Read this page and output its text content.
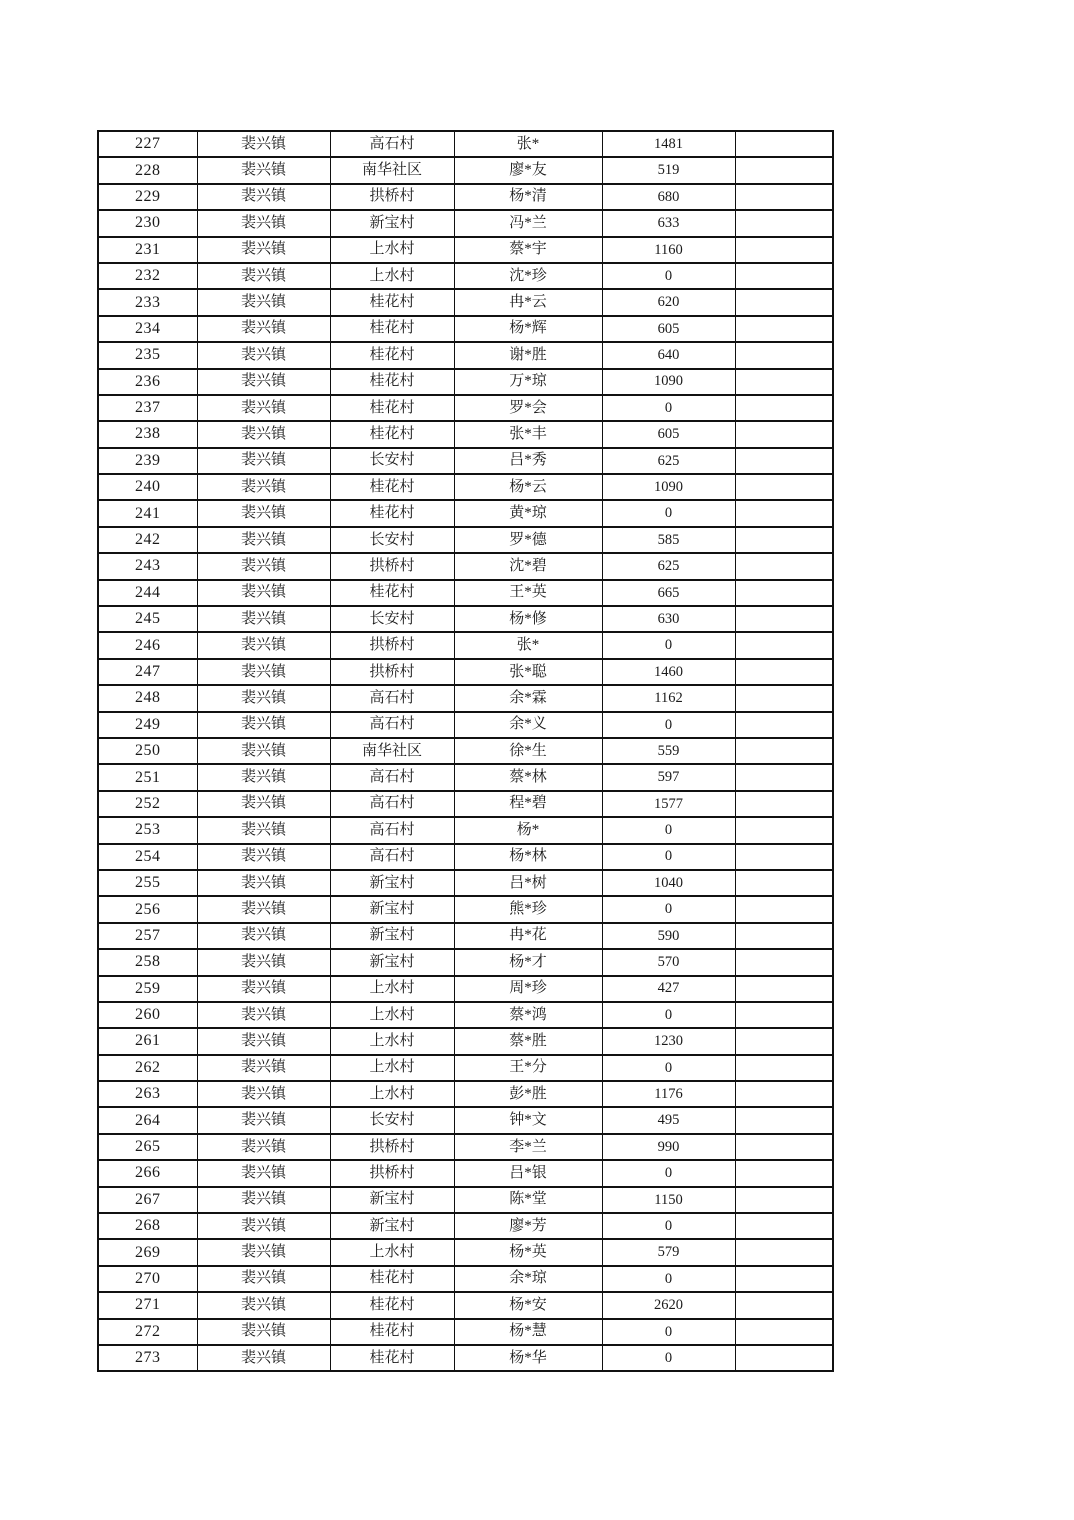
227	裴兴镇	高石村	张*	1481	
228	裴兴镇	南华社区	廖*友	519	
229	裴兴镇	拱桥村	杨*清	680	
230	裴兴镇	新宝村	冯*兰	633	
231	裴兴镇	上水村	蔡*宇	1160	
232	裴兴镇	上水村	沈*珍	0	
233	裴兴镇	桂花村	冉*云	620	
234	裴兴镇	桂花村	杨*辉	605	
235	裴兴镇	桂花村	谢*胜	640	
236	裴兴镇	桂花村	万*琼	1090	
237	裴兴镇	桂花村	罗*会	0	
238	裴兴镇	桂花村	张*丰	605	
239	裴兴镇	长安村	吕*秀	625	
240	裴兴镇	桂花村	杨*云	1090	
241	裴兴镇	桂花村	黄*琼	0	
242	裴兴镇	长安村	罗*德	585	
243	裴兴镇	拱桥村	沈*碧	625	
244	裴兴镇	桂花村	王*英	665	
245	裴兴镇	长安村	杨*修	630	
246	裴兴镇	拱桥村	张*	0	
247	裴兴镇	拱桥村	张*聪	1460	
248	裴兴镇	高石村	余*霖	1162	
249	裴兴镇	高石村	余*义	0	
250	裴兴镇	南华社区	徐*生	559	
251	裴兴镇	高石村	蔡*林	597	
252	裴兴镇	高石村	程*碧	1577	
253	裴兴镇	高石村	杨*	0	
254	裴兴镇	高石村	杨*林	0	
255	裴兴镇	新宝村	吕*树	1040	
256	裴兴镇	新宝村	熊*珍	0	
257	裴兴镇	新宝村	冉*花	590	
258	裴兴镇	新宝村	杨*才	570	
259	裴兴镇	上水村	周*珍	427	
260	裴兴镇	上水村	蔡*鸿	0	
261	裴兴镇	上水村	蔡*胜	1230	
262	裴兴镇	上水村	王*分	0	
263	裴兴镇	上水村	彭*胜	1176	
264	裴兴镇	长安村	钟*文	495	
265	裴兴镇	拱桥村	李*兰	990	
266	裴兴镇	拱桥村	吕*银	0	
267	裴兴镇	新宝村	陈*堂	1150	
268	裴兴镇	新宝村	廖*芳	0	
269	裴兴镇	上水村	杨*英	579	
270	裴兴镇	桂花村	余*琼	0	
271	裴兴镇	桂花村	杨*安	2620	
272	裴兴镇	桂花村	杨*慧	0	
273	裴兴镇	桂花村	杨*华	0	
